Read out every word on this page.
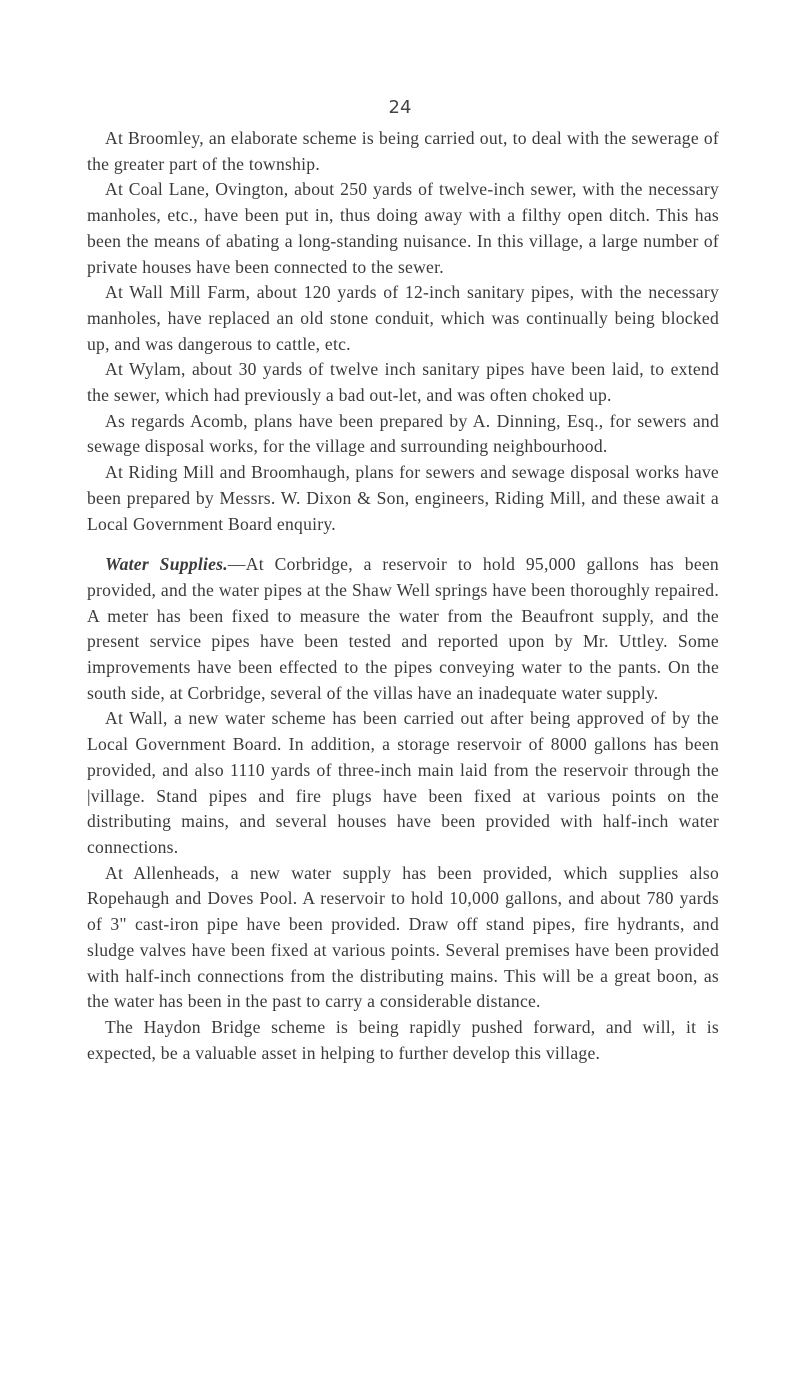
24

At Broomley, an elaborate scheme is being carried out, to deal with the sewerage of the greater part of the township.

At Coal Lane, Ovington, about 250 yards of twelve-inch sewer, with the necessary manholes, etc., have been put in, thus doing away with a filthy open ditch. This has been the means of abating a long-standing nuisance. In this village, a large number of private houses have been connected to the sewer.

At Wall Mill Farm, about 120 yards of 12-inch sanitary pipes, with the necessary manholes, have replaced an old stone conduit, which was continually being blocked up, and was dangerous to cattle, etc.

At Wylam, about 30 yards of twelve inch sanitary pipes have been laid, to extend the sewer, which had previously a bad out-let, and was often choked up.

As regards Acomb, plans have been prepared by A. Dinning, Esq., for sewers and sewage disposal works, for the village and surrounding neighbourhood.

At Riding Mill and Broomhaugh, plans for sewers and sewage disposal works have been prepared by Messrs. W. Dixon & Son, engineers, Riding Mill, and these await a Local Government Board enquiry.

Water Supplies.—At Corbridge, a reservoir to hold 95,000 gallons has been provided, and the water pipes at the Shaw Well springs have been thoroughly repaired. A meter has been fixed to measure the water from the Beaufront supply, and the present service pipes have been tested and reported upon by Mr. Uttley. Some improvements have been effected to the pipes conveying water to the pants. On the south side, at Corbridge, several of the villas have an inadequate water supply.

At Wall, a new water scheme has been carried out after being approved of by the Local Government Board. In addition, a storage reservoir of 8000 gallons has been provided, and also 1110 yards of three-inch main laid from the reservoir through the |village. Stand pipes and fire plugs have been fixed at various points on the distributing mains, and several houses have been provided with half-inch water connections.

At Allenheads, a new water supply has been provided, which supplies also Ropehaugh and Doves Pool. A reservoir to hold 10,000 gallons, and about 780 yards of 3" cast-iron pipe have been provided. Draw off stand pipes, fire hydrants, and sludge valves have been fixed at various points. Several premises have been provided with half-inch connections from the distributing mains. This will be a great boon, as the water has been in the past to carry a considerable distance.

The Haydon Bridge scheme is being rapidly pushed forward, and will, it is expected, be a valuable asset in helping to further develop this village.
